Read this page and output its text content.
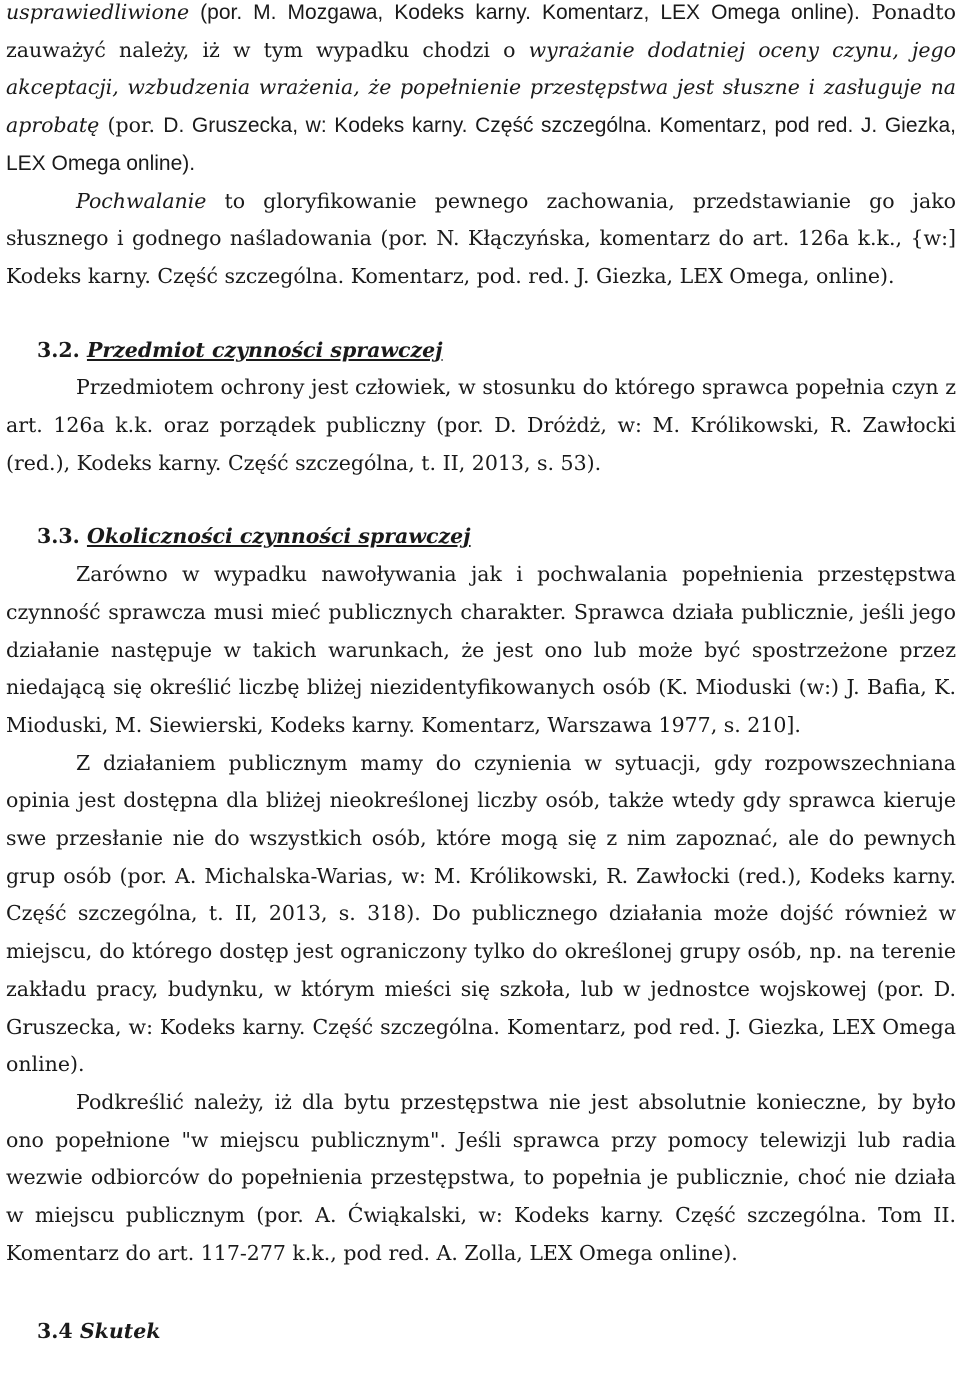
usprawiedliwione (por. M. Mozgawa, Kodeks karny. Komentarz, LEX Omega online). Ponadto zauważyć należy, iż w tym wypadku chodzi o wyrażanie dodatniej oceny czynu, jego akceptacji, wzbudzenia wrażenia, że popełnienie przestępstwa jest słuszne i zasługuje na aprobatę (por. D. Gruszecka, w: Kodeks karny. Część szczególna. Komentarz, pod red. J. Giezka, LEX Omega online).

Pochwalanie to gloryfikowanie pewnego zachowania, przedstawianie go jako słusznego i godnego naśladowania (por. N. Kłączyńska, komentarz do art. 126a k.k., {w:] Kodeks karny. Część szczególna. Komentarz, pod. red. J. Giezka, LEX Omega, online).

3.2. Przedmiot czynności sprawczej

Przedmiotem ochrony jest człowiek, w stosunku do którego sprawca popełnia czyn z art. 126a k.k. oraz porządek publiczny (por. D. Dróżdż, w: M. Królikowski, R. Zawłocki (red.), Kodeks karny. Część szczególna, t. II, 2013, s. 53).

3.3. Okoliczności czynności sprawczej

Zarówno w wypadku nawoływania jak i pochwalania popełnienia przestępstwa czynność sprawcza musi mieć publicznych charakter. Sprawca działa publicznie, jeśli jego działanie następuje w takich warunkach, że jest ono lub może być spostrzeżone przez niedającą się określić liczbę bliżej niezidentyfikowanych osób (K. Mioduski (w:) J. Bafia, K. Mioduski, M. Siewierski, Kodeks karny. Komentarz, Warszawa 1977, s. 210].

Z działaniem publicznym mamy do czynienia w sytuacji, gdy rozpowszechniana opinia jest dostępna dla bliżej nieokreślonej liczby osób, także wtedy gdy sprawca kieruje swe przesłanie nie do wszystkich osób, które mogą się z nim zapoznać, ale do pewnych grup osób (por. A. Michalska-Warias, w: M. Królikowski, R. Zawłocki (red.), Kodeks karny. Część szczególna, t. II, 2013, s. 318). Do publicznego działania może dojść również w miejscu, do którego dostęp jest ograniczony tylko do określonej grupy osób, np. na terenie zakładu pracy, budynku, w którym mieści się szkoła, lub w jednostce wojskowej (por. D. Gruszecka, w: Kodeks karny. Część szczególna. Komentarz, pod red. J. Giezka, LEX Omega online).

Podkreślić należy, iż dla bytu przestępstwa nie jest absolutnie konieczne, by było ono popełnione "w miejscu publicznym". Jeśli sprawca przy pomocy telewizji lub radia wezwie odbiorców do popełnienia przestępstwa, to popełnia je publicznie, choć nie działa w miejscu publicznym (por. A. Ćwiąkalski, w: Kodeks karny. Część szczególna. Tom II. Komentarz do art. 117-277 k.k., pod red. A. Zolla, LEX Omega online).

3.4 Skutek
